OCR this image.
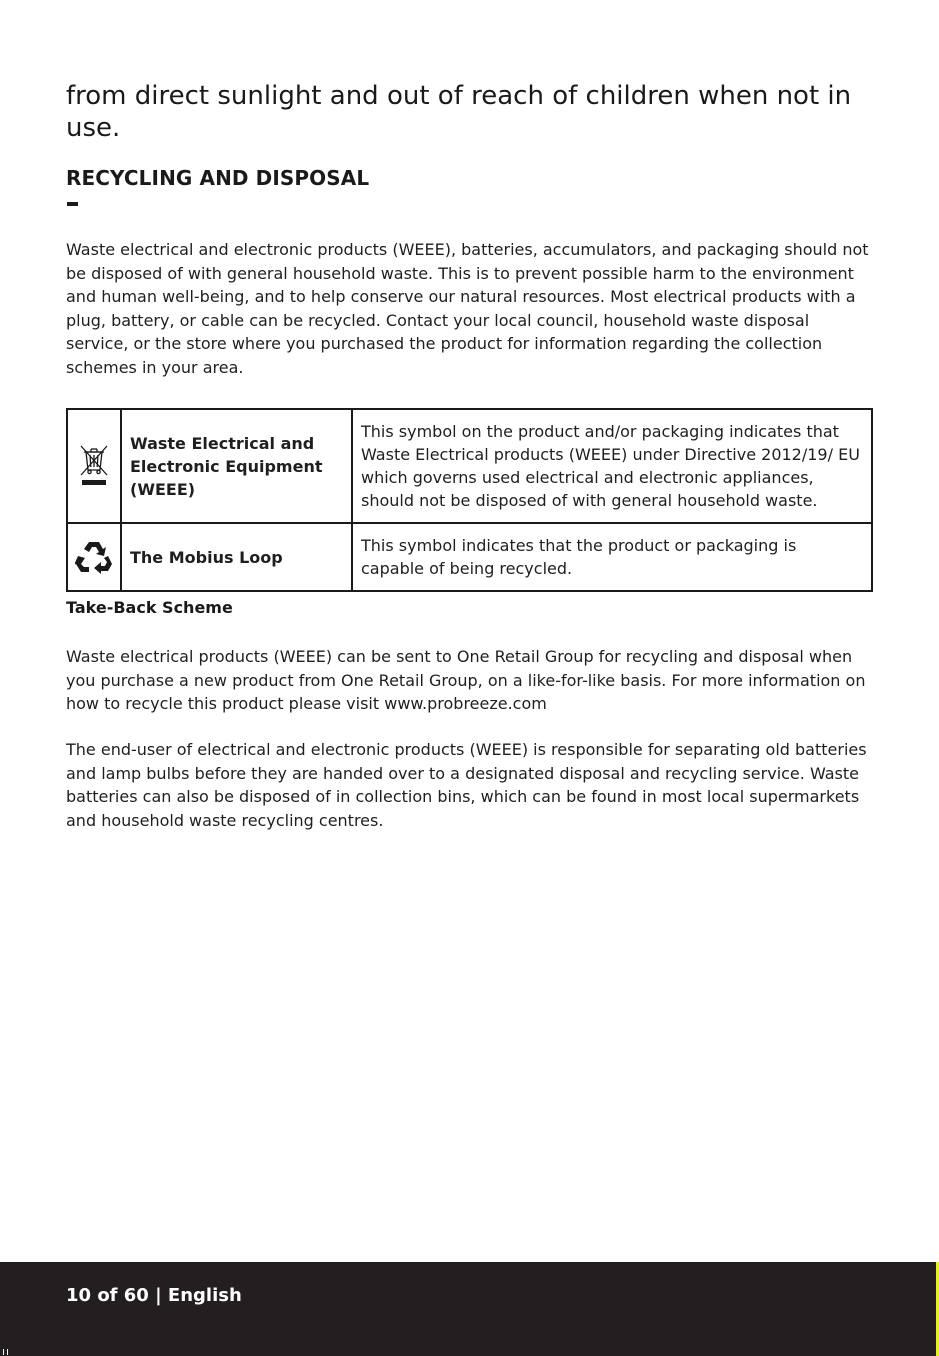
from direct sunlight and out of reach of children when not in use.

RECYCLING AND DISPOSAL

Waste electrical and electronic products (WEEE), batteries, accumulators, and packaging should not be disposed of with general household waste. This is to prevent possible harm to the environment and human well-being, and to help conserve our natural resources. Most electrical products with a plug, battery, or cable can be recycled. Contact your local council, household waste disposal service, or the store where you purchased the product for information regarding the collection schemes in your area.

	Waste Electrical and Electronic Equipment (WEEE)	This symbol on the product and/or packaging indicates that Waste Electrical products (WEEE) under Directive 2012/19/ EU which governs used electrical and electronic appliances, should not be disposed of with general household waste.

	The Mobius Loop	This symbol indicates that the product or packaging is capable of being recycled.
Take-Back Scheme

Waste electrical products (WEEE) can be sent to One Retail Group for recycling and disposal when you purchase a new product from One Retail Group, on a like-for-like basis. For more information on how to recycle this product please visit www.probreeze.com

The end-user of electrical and electronic products (WEEE) is responsible for separating old batteries and lamp bulbs before they are handed over to a designated disposal and recycling service. Waste batteries can also be disposed of in collection bins, which can be found in most local supermarkets and household waste recycling centres.

10 of 60 | English
